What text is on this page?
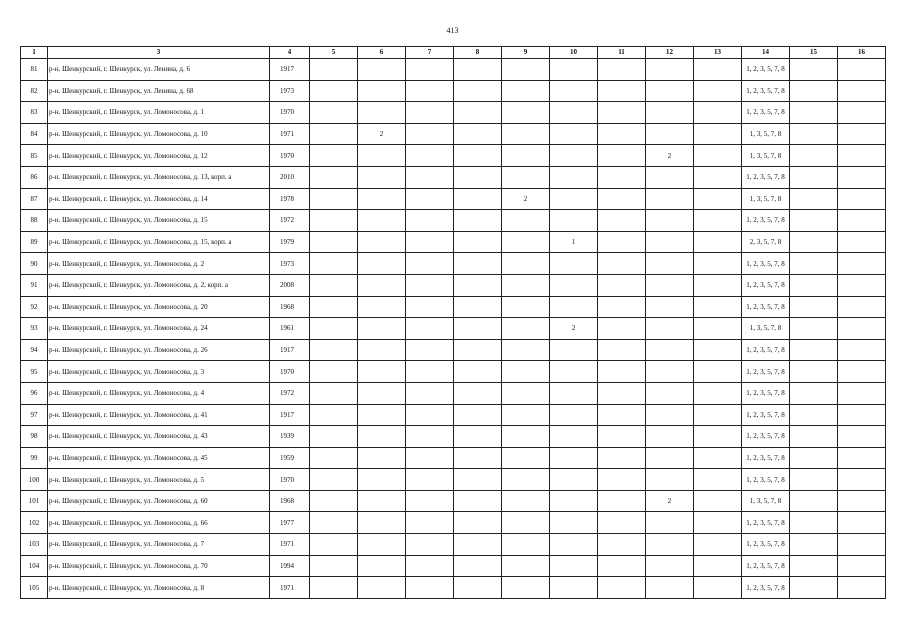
413
1	3	4	5	6	7	8	9	10	11	12	13	14	15	16
81	р-н. Шенкурский, г. Шенкурск, ул. Ленина, д. 6	1917										1, 2, 3, 5, 7, 8		
82	р-н. Шенкурский, г. Шенкурск, ул. Ленина, д. 68	1973										1, 2, 3, 5, 7, 8		
83	р-н. Шенкурский, г. Шенкурск, ул. Ломоносова, д. 1	1970										1, 2, 3, 5, 7, 8		
84	р-н. Шенкурский, г. Шенкурск, ул. Ломоносова, д. 10	1971		2								1, 3, 5, 7, 8		
85	р-н. Шенкурский, г. Шенкурск, ул. Ломоносова, д. 12	1970								2		1, 3, 5, 7, 8		
86	р-н. Шенкурский, г. Шенкурск, ул. Ломоносова, д. 13, корп. а	2010										1, 2, 3, 5, 7, 8		
87	р-н. Шенкурский, г. Шенкурск, ул. Ломоносова, д. 14	1978					2					1, 3, 5, 7, 8		
88	р-н. Шенкурский, г. Шенкурск, ул. Ломоносова, д. 15	1972										1, 2, 3, 5, 7, 8		
89	р-н. Шенкурский, г. Шенкурск, ул. Ломоносова, д. 15, корп. а	1979						1				2, 3, 5, 7, 8		
90	р-н. Шенкурский, г. Шенкурск, ул. Ломоносова, д. 2	1973										1, 2, 3, 5, 7, 8		
91	р-н. Шенкурский, г. Шенкурск, ул. Ломоносова, д. 2, корп. а	2008										1, 2, 3, 5, 7, 8		
92	р-н. Шенкурский, г. Шенкурск, ул. Ломоносова, д. 20	1968										1, 2, 3, 5, 7, 8		
93	р-н. Шенкурский, г. Шенкурск, ул. Ломоносова, д. 24	1961						2				1, 3, 5, 7, 8		
94	р-н. Шенкурский, г. Шенкурск, ул. Ломоносова, д. 26	1917										1, 2, 3, 5, 7, 8		
95	р-н. Шенкурский, г. Шенкурск, ул. Ломоносова, д. 3	1970										1, 2, 3, 5, 7, 8		
96	р-н. Шенкурский, г. Шенкурск, ул. Ломоносова, д. 4	1972										1, 2, 3, 5, 7, 8		
97	р-н. Шенкурский, г. Шенкурск, ул. Ломоносова, д. 41	1917										1, 2, 3, 5, 7, 8		
98	р-н. Шенкурский, г. Шенкурск, ул. Ломоносова, д. 43	1939										1, 2, 3, 5, 7, 8		
99	р-н. Шенкурский, г. Шенкурск, ул. Ломоносова, д. 45	1959										1, 2, 3, 5, 7, 8		
100	р-н. Шенкурский, г. Шенкурск, ул. Ломоносова, д. 5	1970										1, 2, 3, 5, 7, 8		
101	р-н. Шенкурский, г. Шенкурск, ул. Ломоносова, д. 60	1968								2		1, 3, 5, 7, 8		
102	р-н. Шенкурский, г. Шенкурск, ул. Ломоносова, д. 66	1977										1, 2, 3, 5, 7, 8		
103	р-н. Шенкурский, г. Шенкурск, ул. Ломоносова, д. 7	1971										1, 2, 3, 5, 7, 8		
104	р-н. Шенкурский, г. Шенкурск, ул. Ломоносова, д. 70	1994										1, 2, 3, 5, 7, 8		
105	р-н. Шенкурский, г. Шенкурск, ул. Ломоносова, д. 8	1971										1, 2, 3, 5, 7, 8		
